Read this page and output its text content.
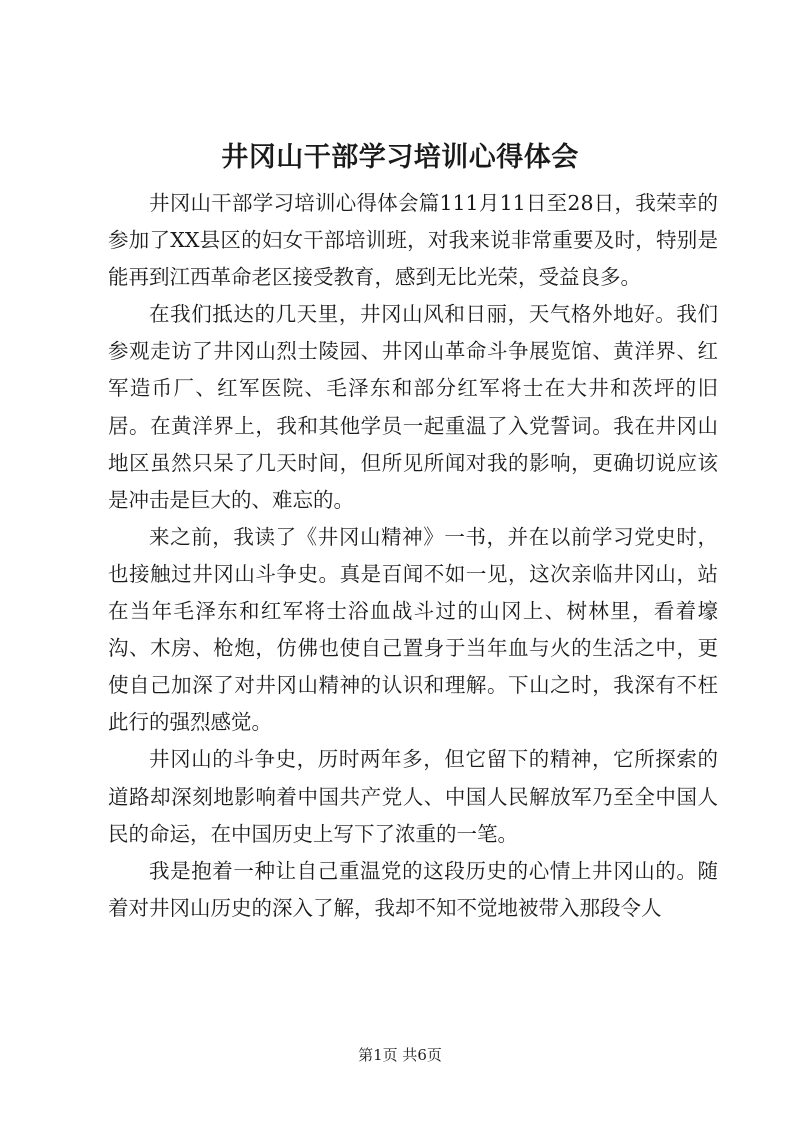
井冈山干部学习培训心得体会

井冈山干部学习培训心得体会篇111月11日至28日，我荣幸的参加了XX县区的妇女干部培训班，对我来说非常重要及时，特别是能再到江西革命老区接受教育，感到无比光荣，受益良多。

在我们抵达的几天里，井冈山风和日丽，天气格外地好。我们参观走访了井冈山烈士陵园、井冈山革命斗争展览馆、黄洋界、红军造币厂、红军医院、毛泽东和部分红军将士在大井和茨坪的旧居。在黄洋界上，我和其他学员一起重温了入党誓词。我在井冈山地区虽然只呆了几天时间，但所见所闻对我的影响，更确切说应该是冲击是巨大的、难忘的。

来之前，我读了《井冈山精神》一书，并在以前学习党史时，也接触过井冈山斗争史。真是百闻不如一见，这次亲临井冈山，站在当年毛泽东和红军将士浴血战斗过的山冈上、树林里，看着壕沟、木房、枪炮，仿佛也使自己置身于当年血与火的生活之中，更使自己加深了对井冈山精神的认识和理解。下山之时，我深有不枉此行的强烈感觉。

井冈山的斗争史，历时两年多，但它留下的精神，它所探索的道路却深刻地影响着中国共产党人、中国人民解放军乃至全中国人民的命运，在中国历史上写下了浓重的一笔。

我是抱着一种让自己重温党的这段历史的心情上井冈山的。随着对井冈山历史的深入了解，我却不知不觉地被带入那段令人

第1页 共6页
